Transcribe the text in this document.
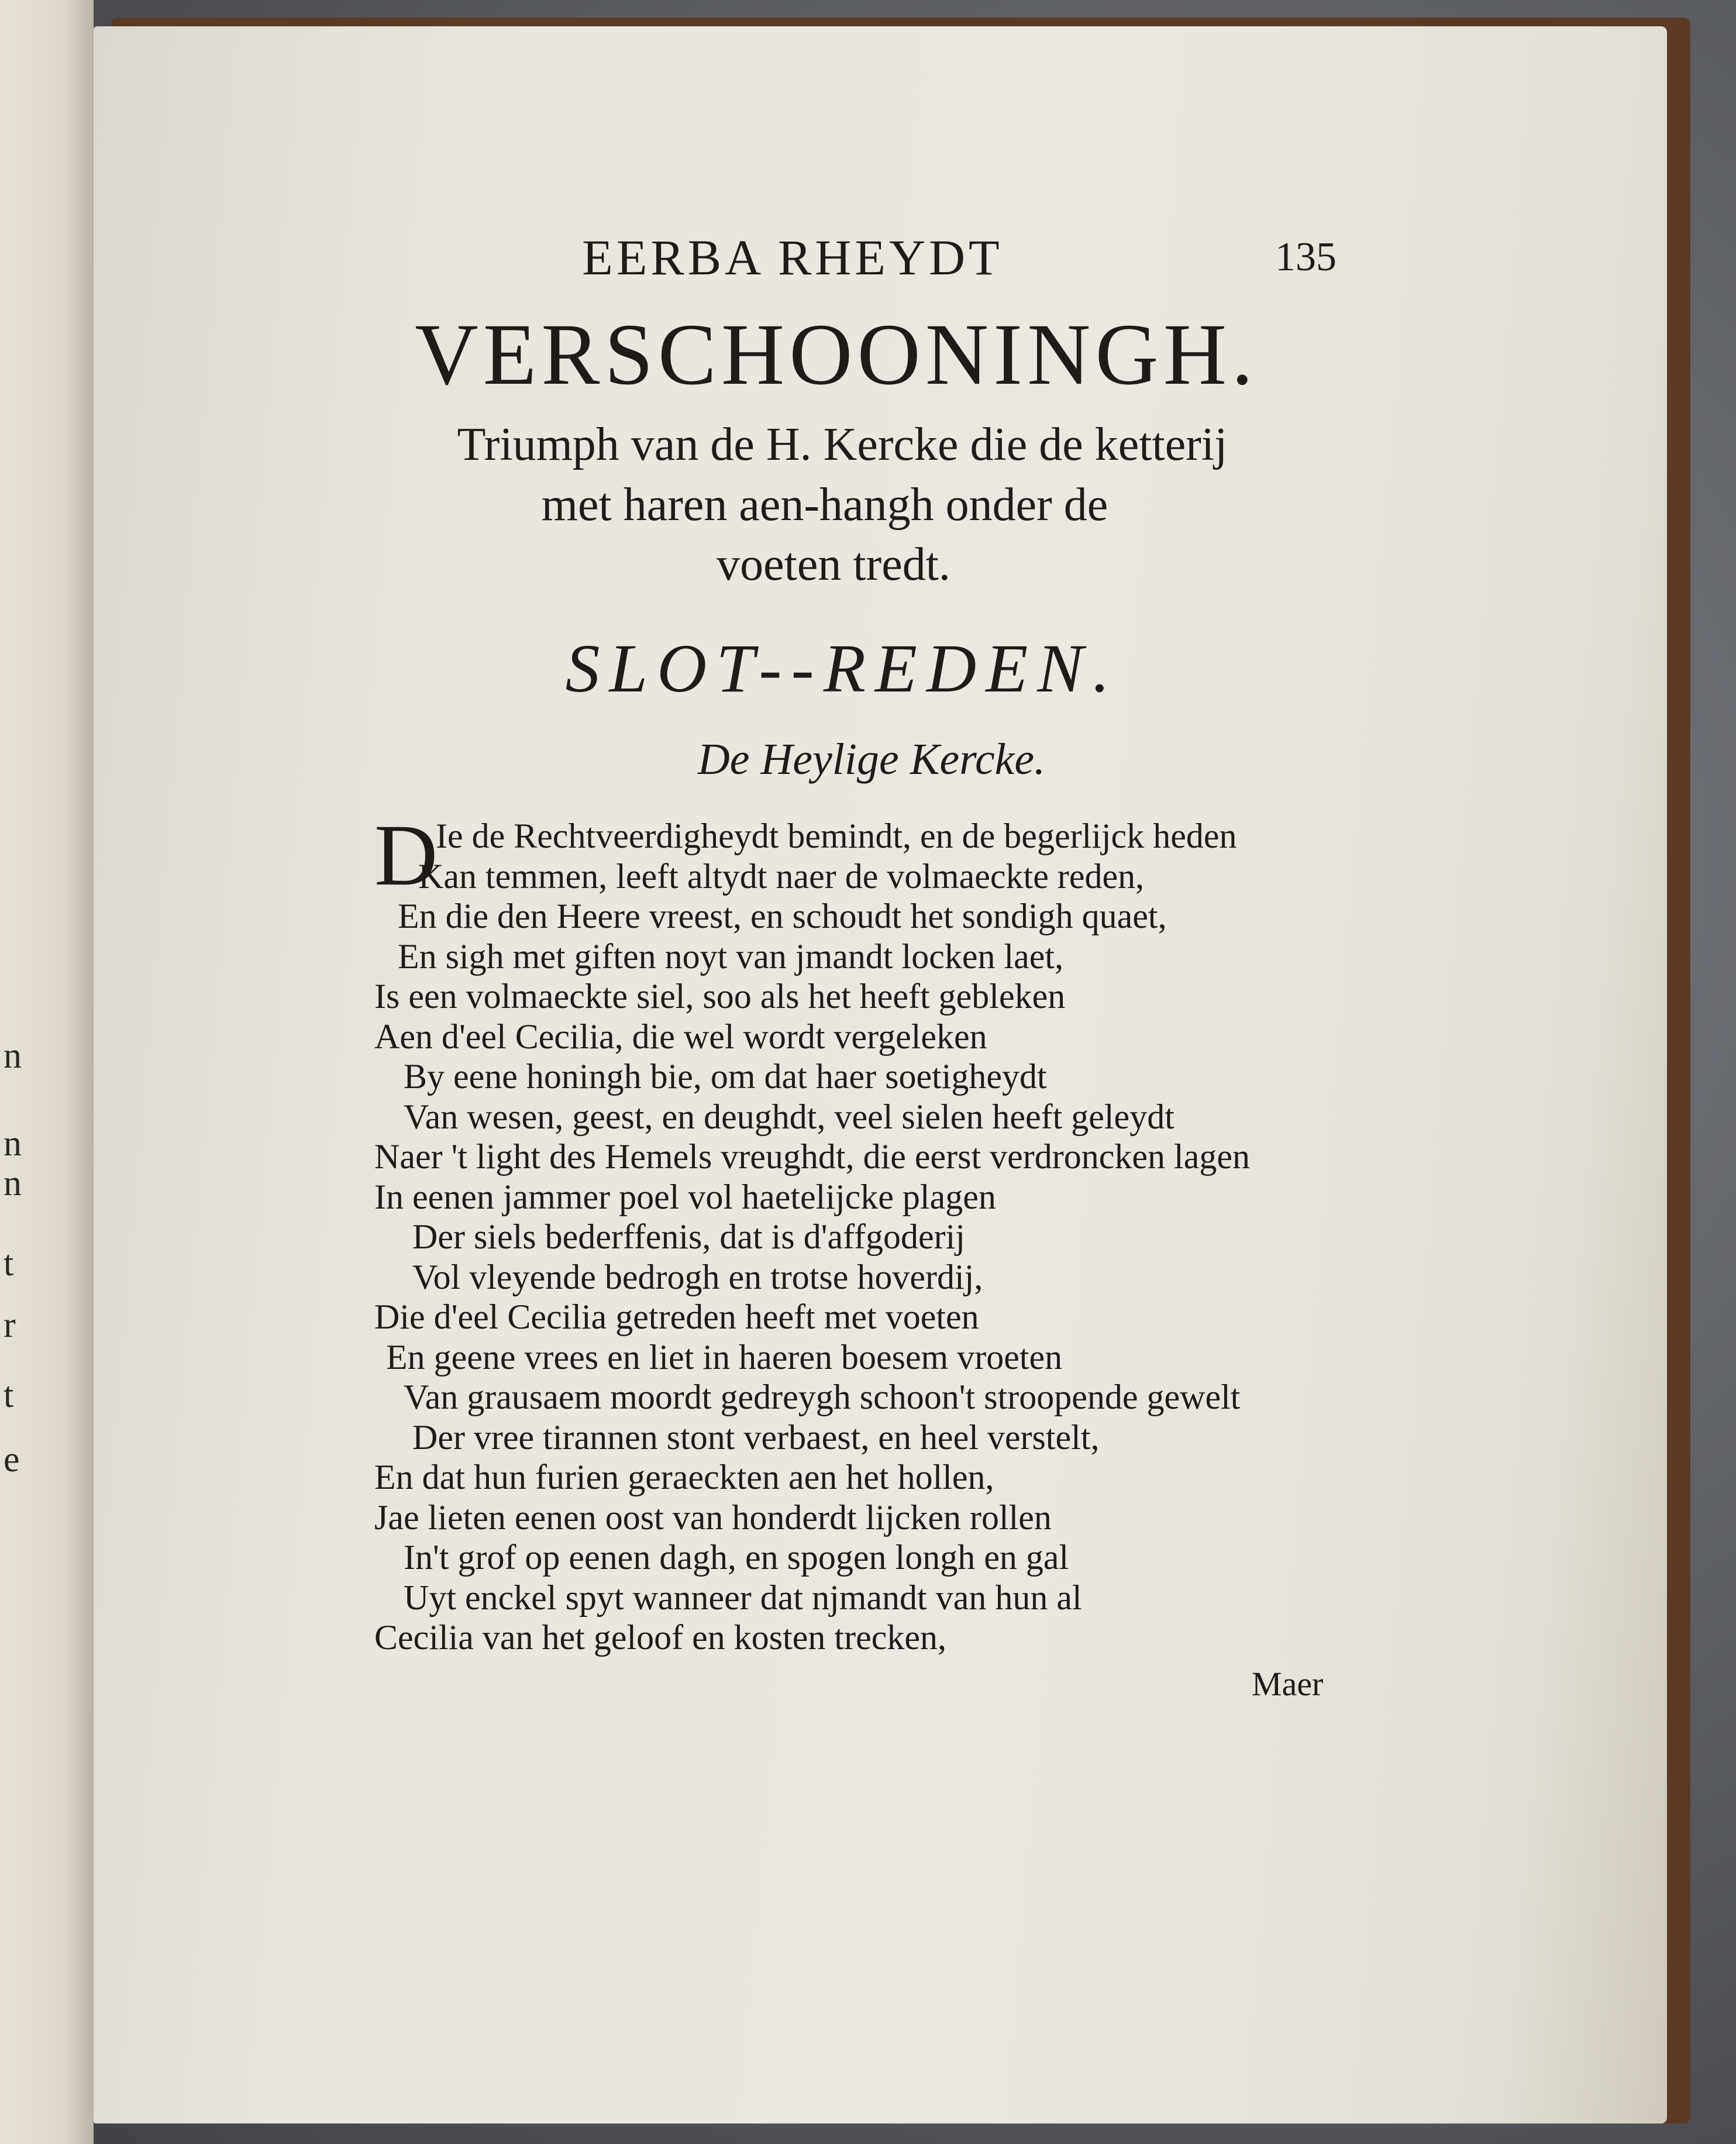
n
n
n
t
r
t
e
EERBA RHEYDT	135
VERSCHOONINGH.
Triumph van de H. Kercke die de ketterij
met haren aen-hangh onder de
voeten tredt.
SLOT--REDEN.
De Heylige Kercke.
D
Ie de Rechtveerdigheydt bemindt, en de begerlijck heden
Kan temmen, leeft altydt naer de volmaeckte reden,
En die den Heere vreest, en schoudt het sondigh quaet,
En sigh met giften noyt van jmandt locken laet,
Is een volmaeckte siel, soo als het heeft gebleken
Aen d'eel Cecilia, die wel wordt vergeleken
By eene honingh bie, om dat haer soetigheydt
Van wesen, geest, en deughdt, veel sielen heeft geleydt
Naer 't light des Hemels vreughdt, die eerst verdroncken lagen
In eenen jammer poel vol haetelijcke plagen
Der siels bederffenis, dat is d'affgoderij
Vol vleyende bedrogh en trotse hoverdij,
Die d'eel Cecilia getreden heeft met voeten
En geene vrees en liet in haeren boesem vroeten
Van grausaem moordt gedreygh schoon't stroopende gewelt
Der vree tirannen stont verbaest, en heel verstelt,
En dat hun furien geraeckten aen het hollen,
Jae lieten eenen oost van honderdt lijcken rollen
In't grof op eenen dagh, en spogen longh en gal
Uyt enckel spyt wanneer dat njmandt van hun al
Cecilia van het geloof en kosten trecken,
Maer
